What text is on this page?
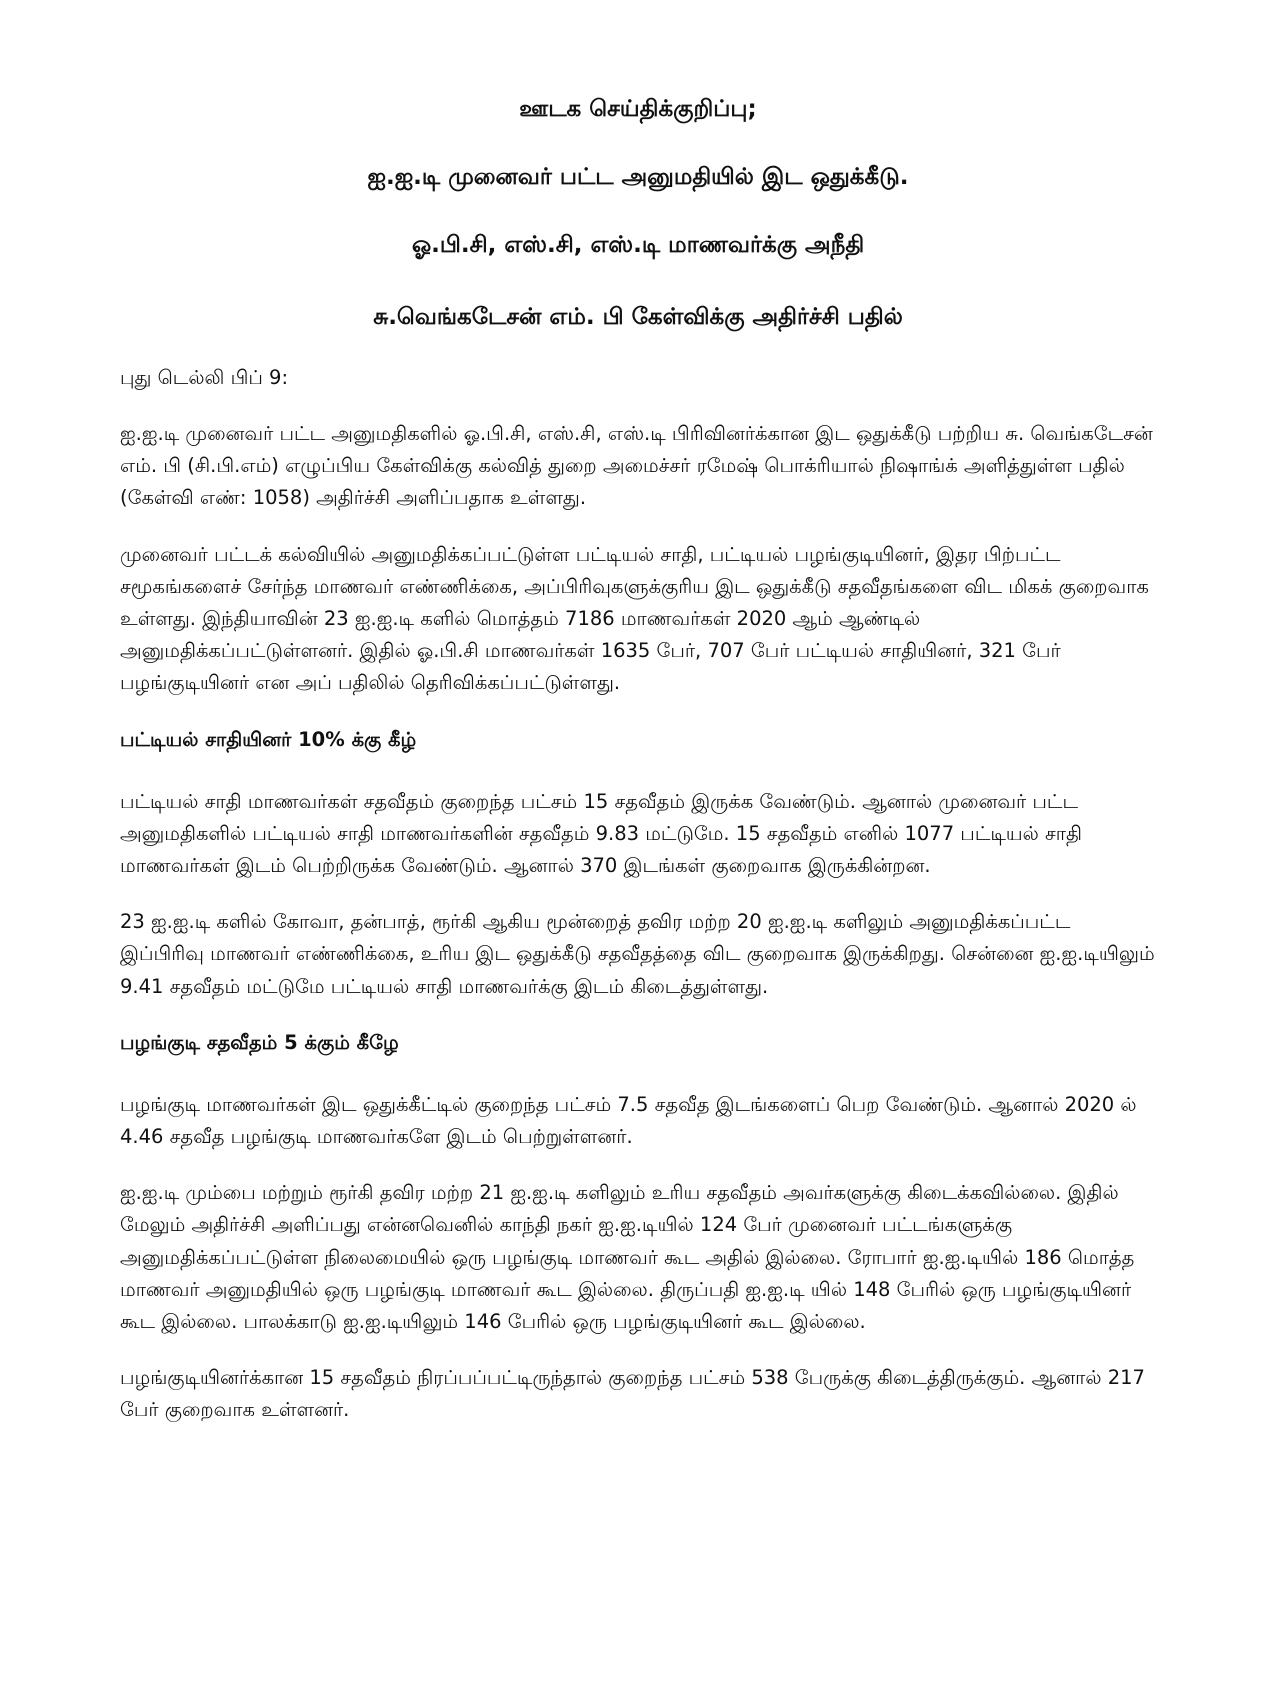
ஊடக செய்திக்குறிப்பு;
ஐ.ஐ.டி முனைவர் பட்ட அனுமதியில் இட ஒதுக்கீடு.
ஓ.பி.சி, எஸ்.சி, எஸ்.டி மாணவர்க்கு அநீதி
சு.வெங்கடேசன் எம். பி கேள்விக்கு அதிர்ச்சி பதில்

புது டெல்லி பிப் 9:

ஐ.ஐ.டி முனைவர் பட்ட அனுமதிகளில் ஓ.பி.சி, எஸ்.சி, எஸ்.டி பிரிவினர்க்கான இட ஒதுக்கீடு பற்றிய சு. வெங்கடேசன் எம். பி (சி.பி.எம்) எழுப்பிய கேள்விக்கு கல்வித் துறை அமைச்சர் ரமேஷ் பொக்ரியால் நிஷாங்க் அளித்துள்ள பதில் (கேள்வி எண்: 1058) அதிர்ச்சி அளிப்பதாக உள்ளது.

முனைவர் பட்டக் கல்வியில் அனுமதிக்கப்பட்டுள்ள பட்டியல் சாதி, பட்டியல் பழங்குடியினர், இதர பிற்பட்ட சமூகங்களைச் சேர்ந்த மாணவர் எண்ணிக்கை, அப்பிரிவுகளுக்குரிய இட ஒதுக்கீடு சதவீதங்களை விட மிகக் குறைவாக உள்ளது. இந்தியாவின் 23 ஐ.ஐ.டி களில் மொத்தம் 7186 மாணவர்கள் 2020 ஆம் ஆண்டில் அனுமதிக்கப்பட்டுள்ளனர். இதில் ஓ.பி.சி மாணவர்கள் 1635 பேர், 707 பேர் பட்டியல் சாதியினர், 321 பேர் பழங்குடியினர் என அப் பதிலில் தெரிவிக்கப்பட்டுள்ளது.

பட்டியல் சாதியினர் 10% க்கு கீழ்

பட்டியல் சாதி மாணவர்கள் சதவீதம் குறைந்த பட்சம் 15 சதவீதம் இருக்க வேண்டும். ஆனால் முனைவர் பட்ட அனுமதிகளில் பட்டியல் சாதி மாணவர்களின் சதவீதம் 9.83 மட்டுமே. 15 சதவீதம் எனில் 1077 பட்டியல் சாதி மாணவர்கள் இடம் பெற்றிருக்க வேண்டும். ஆனால் 370 இடங்கள் குறைவாக இருக்கின்றன.

23 ஐ.ஐ.டி களில் கோவா, தன்பாத், ரூர்கி ஆகிய மூன்றைத் தவிர மற்ற 20 ஐ.ஐ.டி களிலும் அனுமதிக்கப்பட்ட இப்பிரிவு மாணவர் எண்ணிக்கை, உரிய இட ஒதுக்கீடு சதவீதத்தை விட குறைவாக இருக்கிறது. சென்னை ஐ.ஐ.டியிலும் 9.41 சதவீதம் மட்டுமே பட்டியல் சாதி மாணவர்க்கு இடம் கிடைத்துள்ளது.

பழங்குடி சதவீதம் 5 க்கும் கீழே

பழங்குடி மாணவர்கள் இட ஒதுக்கீட்டில் குறைந்த பட்சம் 7.5 சதவீத இடங்களைப் பெற வேண்டும். ஆனால் 2020 ல் 4.46 சதவீத பழங்குடி மாணவர்களே இடம் பெற்றுள்ளனர்.

ஐ.ஐ.டி மும்பை மற்றும் ரூர்கி தவிர மற்ற 21 ஐ.ஐ.டி களிலும் உரிய சதவீதம் அவர்களுக்கு கிடைக்கவில்லை. இதில் மேலும் அதிர்ச்சி அளிப்பது என்னவெனில் காந்தி நகர் ஐ.ஐ.டியில் 124 பேர் முனைவர் பட்டங்களுக்கு அனுமதிக்கப்பட்டுள்ள நிலைமையில் ஒரு பழங்குடி மாணவர் கூட அதில் இல்லை. ரோபார் ஐ.ஐ.டியில் 186 மொத்த மாணவர் அனுமதியில் ஒரு பழங்குடி மாணவர் கூட இல்லை. திருப்பதி ஐ.ஐ.டி யில் 148 பேரில் ஒரு பழங்குடியினர் கூட இல்லை. பாலக்காடு ஐ.ஐ.டியிலும் 146 பேரில் ஒரு பழங்குடியினர் கூட இல்லை.

பழங்குடியினர்க்கான 15 சதவீதம் நிரப்பப்பட்டிருந்தால் குறைந்த பட்சம் 538 பேருக்கு கிடைத்திருக்கும். ஆனால் 217 பேர் குறைவாக உள்ளனர்.
